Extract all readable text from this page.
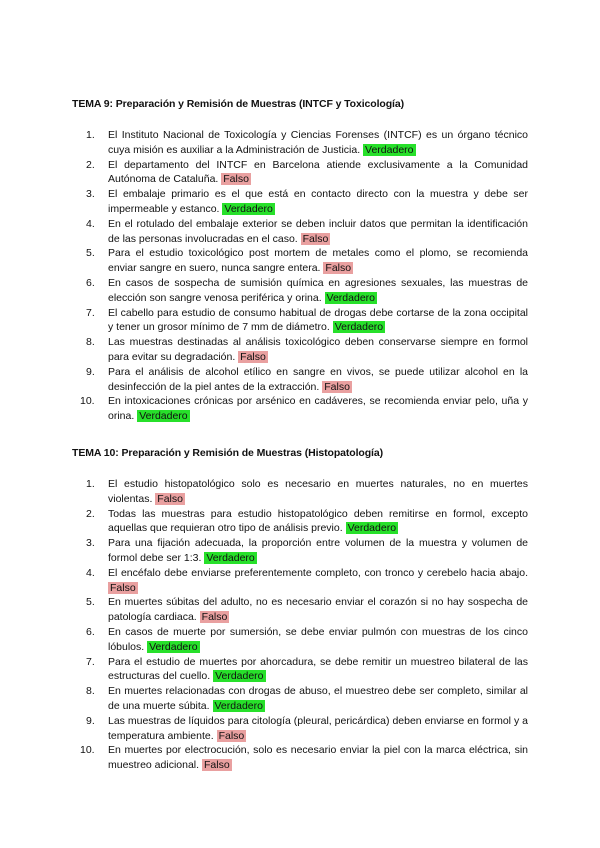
TEMA 9: Preparación y Remisión de Muestras (INTCF y Toxicología)

1.	El Instituto Nacional de Toxicología y Ciencias Forenses (INTCF) es un órgano técnico cuya misión es auxiliar a la Administración de Justicia. Verdadero
2.	El departamento del INTCF en Barcelona atiende exclusivamente a la Comunidad Autónoma de Cataluña. Falso
3.	El embalaje primario es el que está en contacto directo con la muestra y debe ser impermeable y estanco. Verdadero
4.	En el rotulado del embalaje exterior se deben incluir datos que permitan la identificación de las personas involucradas en el caso. Falso
5.	Para el estudio toxicológico post mortem de metales como el plomo, se recomienda enviar sangre en suero, nunca sangre entera. Falso
6.	En casos de sospecha de sumisión química en agresiones sexuales, las muestras de elección son sangre venosa periférica y orina. Verdadero
7.	El cabello para estudio de consumo habitual de drogas debe cortarse de la zona occipital y tener un grosor mínimo de 7 mm de diámetro. Verdadero
8.	Las muestras destinadas al análisis toxicológico deben conservarse siempre en formol para evitar su degradación. Falso
9.	Para el análisis de alcohol etílico en sangre en vivos, se puede utilizar alcohol en la desinfección de la piel antes de la extracción. Falso
10.	En intoxicaciones crónicas por arsénico en cadáveres, se recomienda enviar pelo, uña y orina. Verdadero

TEMA 10: Preparación y Remisión de Muestras (Histopatología)

1.	El estudio histopatológico solo es necesario en muertes naturales, no en muertes violentas. Falso
2.	Todas las muestras para estudio histopatológico deben remitirse en formol, excepto aquellas que requieran otro tipo de análisis previo. Verdadero
3.	Para una fijación adecuada, la proporción entre volumen de la muestra y volumen de formol debe ser 1:3. Verdadero
4.	El encéfalo debe enviarse preferentemente completo, con tronco y cerebelo hacia abajo. Falso
5.	En muertes súbitas del adulto, no es necesario enviar el corazón si no hay sospecha de patología cardiaca. Falso
6.	En casos de muerte por sumersión, se debe enviar pulmón con muestras de los cinco lóbulos. Verdadero
7.	Para el estudio de muertes por ahorcadura, se debe remitir un muestreo bilateral de las estructuras del cuello. Verdadero
8.	En muertes relacionadas con drogas de abuso, el muestreo debe ser completo, similar al de una muerte súbita. Verdadero
9.	Las muestras de líquidos para citología (pleural, pericárdica) deben enviarse en formol y a temperatura ambiente. Falso
10.	En muertes por electrocución, solo es necesario enviar la piel con la marca eléctrica, sin muestreo adicional. Falso
